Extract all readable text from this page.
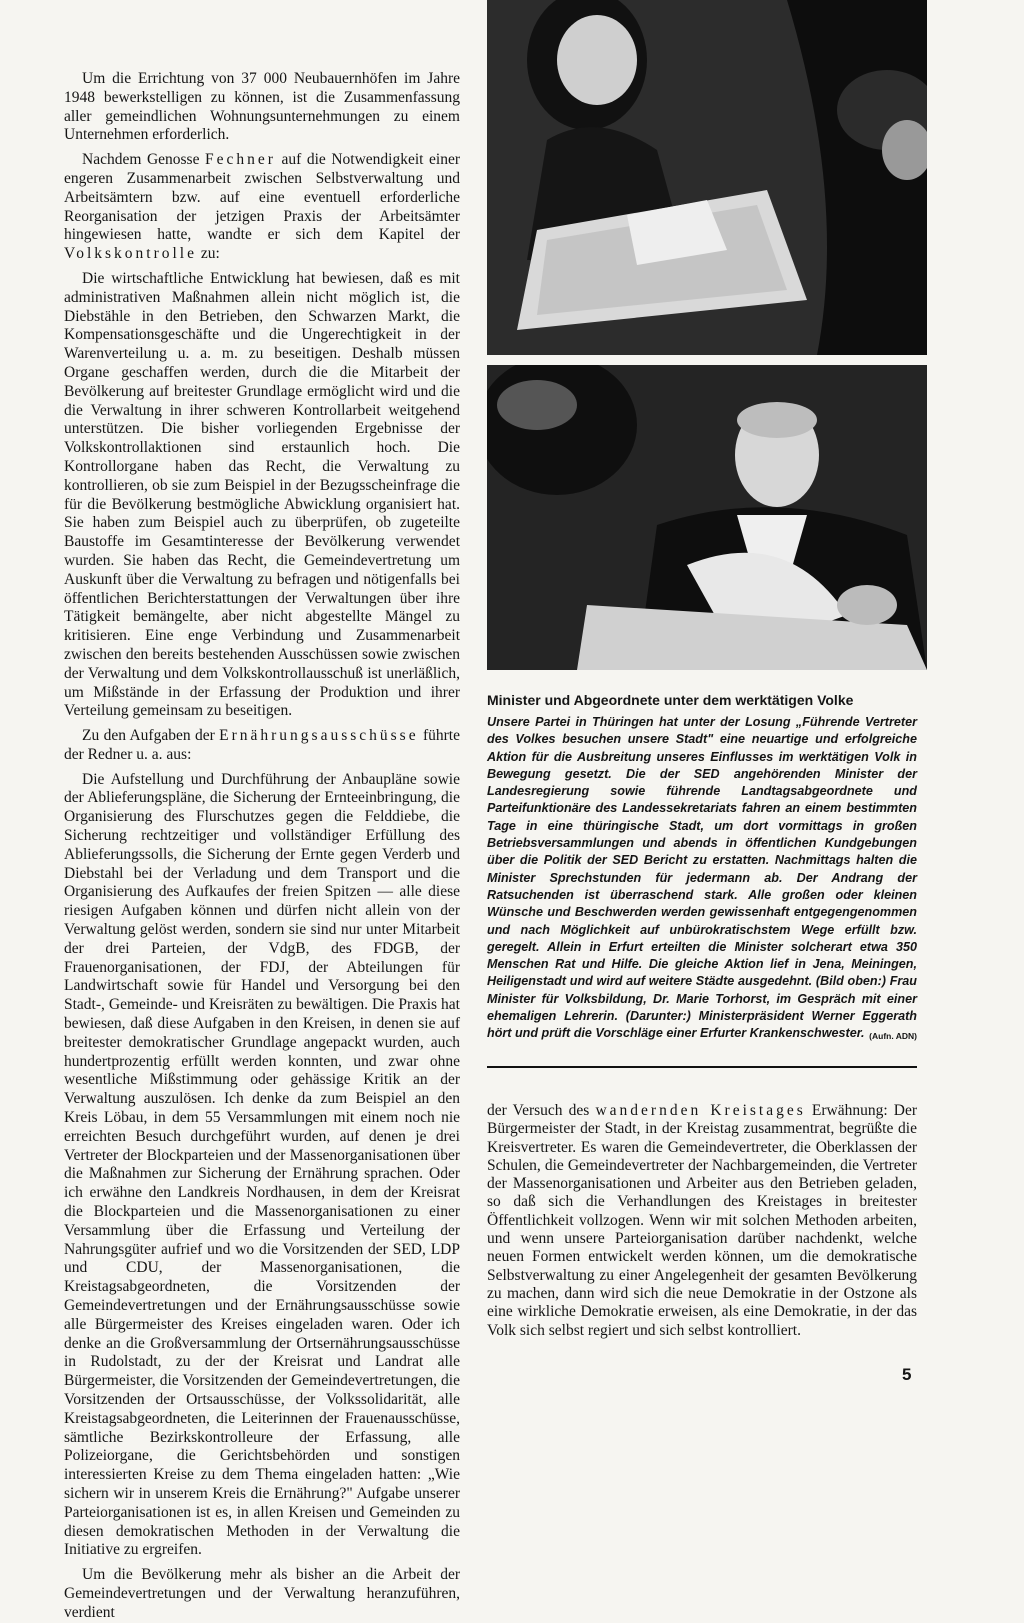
Um die Errichtung von 37 000 Neubauernhöfen im Jahre 1948 bewerkstelligen zu können, ist die Zusammenfassung aller gemeindlichen Wohnungsunternehmungen zu einem Unternehmen erforderlich.

Nachdem Genosse Fechner auf die Notwendigkeit einer engeren Zusammenarbeit zwischen Selbstverwaltung und Arbeitsämtern bzw. auf eine eventuell erforderliche Reorganisation der jetzigen Praxis der Arbeitsämter hingewiesen hatte, wandte er sich dem Kapitel der Volkskontrolle zu:

Die wirtschaftliche Entwicklung hat bewiesen, daß es mit administrativen Maßnahmen allein nicht möglich ist, die Diebstähle in den Betrieben, den Schwarzen Markt, die Kompensationsgeschäfte und die Ungerechtigkeit in der Warenverteilung u. a. m. zu beseitigen. Deshalb müssen Organe geschaffen werden, durch die die Mitarbeit der Bevölkerung auf breitester Grundlage ermöglicht wird und die die Verwaltung in ihrer schweren Kontrollarbeit weitgehend unterstützen. Die bisher vorliegenden Ergebnisse der Volkskontrollaktionen sind erstaunlich hoch. Die Kontrollorgane haben das Recht, die Verwaltung zu kontrollieren, ob sie zum Beispiel in der Bezugsscheinfrage die für die Bevölkerung bestmögliche Abwicklung organisiert hat. Sie haben zum Beispiel auch zu überprüfen, ob zugeteilte Baustoffe im Gesamtinteresse der Bevölkerung verwendet wurden. Sie haben das Recht, die Gemeindevertretung um Auskunft über die Verwaltung zu befragen und nötigenfalls bei öffentlichen Berichterstattungen der Verwaltungen über ihre Tätigkeit bemängelte, aber nicht abgestellte Mängel zu kritisieren. Eine enge Verbindung und Zusammenarbeit zwischen den bereits bestehenden Ausschüssen sowie zwischen der Verwaltung und dem Volkskontrollausschuß ist unerläßlich, um Mißstände in der Erfassung der Produktion und ihrer Verteilung gemeinsam zu beseitigen.

Zu den Aufgaben der Ernährungsausschüsse führte der Redner u. a. aus:

Die Aufstellung und Durchführung der Anbaupläne sowie der Ablieferungspläne, die Sicherung der Ernteeinbringung, die Organisierung des Flurschutzes gegen die Felddiebe, die Sicherung rechtzeitiger und vollständiger Erfüllung des Ablieferungssolls, die Sicherung der Ernte gegen Verderb und Diebstahl bei der Verladung und dem Transport und die Organisierung des Aufkaufes der freien Spitzen — alle diese riesigen Aufgaben können und dürfen nicht allein von der Verwaltung gelöst werden, sondern sie sind nur unter Mitarbeit der drei Parteien, der VdgB, des FDGB, der Frauenorganisationen, der FDJ, der Abteilungen für Landwirtschaft sowie für Handel und Versorgung bei den Stadt-, Gemeinde- und Kreisräten zu bewältigen. Die Praxis hat bewiesen, daß diese Aufgaben in den Kreisen, in denen sie auf breitester demokratischer Grundlage angepackt wurden, auch hundertprozentig erfüllt werden konnten, und zwar ohne wesentliche Mißstimmung oder gehässige Kritik an der Verwaltung auszulösen. Ich denke da zum Beispiel an den Kreis Löbau, in dem 55 Versammlungen mit einem noch nie erreichten Besuch durchgeführt wurden, auf denen je drei Vertreter der Blockparteien und der Massenorganisationen über die Maßnahmen zur Sicherung der Ernährung sprachen. Oder ich erwähne den Landkreis Nordhausen, in dem der Kreisrat die Blockparteien und die Massenorganisationen zu einer Versammlung über die Erfassung und Verteilung der Nahrungsgüter aufrief und wo die Vorsitzenden der SED, LDP und CDU, der Massenorganisationen, die Kreistagsabgeordneten, die Vorsitzenden der Gemeindevertretungen und der Ernährungsausschüsse sowie alle Bürgermeister des Kreises eingeladen waren. Oder ich denke an die Großversammlung der Ortsernährungsausschüsse in Rudolstadt, zu der der Kreisrat und Landrat alle Bürgermeister, die Vorsitzenden der Gemeindevertretungen, die Vorsitzenden der Ortsausschüsse, der Volkssolidarität, alle Kreistagsabgeordneten, die Leiterinnen der Frauenausschüsse, sämtliche Bezirkskontrolleure der Erfassung, alle Polizeiorgane, die Gerichtsbehörden und sonstigen interessierten Kreise zu dem Thema eingeladen hatten: „Wie sichern wir in unserem Kreis die Ernährung?" Aufgabe unserer Parteiorganisationen ist es, in allen Kreisen und Gemeinden zu diesen demokratischen Methoden in der Verwaltung die Initiative zu ergreifen.

Um die Bevölkerung mehr als bisher an die Arbeit der Gemeindevertretungen und der Verwaltung heranzuführen, verdient

Minister und Abgeordnete unter dem werktätigen Volke

Unsere Partei in Thüringen hat unter der Losung „Führende Vertreter des Volkes besuchen unsere Stadt" eine neuartige und erfolgreiche Aktion für die Ausbreitung unseres Einflusses im werktätigen Volk in Bewegung gesetzt. Die der SED angehörenden Minister der Landesregierung sowie führende Landtagsabgeordnete und Parteifunktionäre des Landessekretariats fahren an einem bestimmten Tage in eine thüringische Stadt, um dort vormittags in großen Betriebsversammlungen und abends in öffentlichen Kundgebungen über die Politik der SED Bericht zu erstatten. Nachmittags halten die Minister Sprechstunden für jedermann ab. Der Andrang der Ratsuchenden ist überraschend stark. Alle großen oder kleinen Wünsche und Beschwerden werden gewissenhaft entgegengenommen und nach Möglichkeit auf unbürokratischstem Wege erfüllt bzw. geregelt. Allein in Erfurt erteilten die Minister solcherart etwa 350 Menschen Rat und Hilfe. Die gleiche Aktion lief in Jena, Meiningen, Heiligenstadt und wird auf weitere Städte ausgedehnt. (Bild oben:) Frau Minister für Volksbildung, Dr. Marie Torhorst, im Gespräch mit einer ehemaligen Lehrerin. (Darunter:) Ministerpräsident Werner Eggerath hört und prüft die Vorschläge einer Erfurter Krankenschwester. (Aufn. ADN)

der Versuch des wandernden Kreistages Erwähnung: Der Bürgermeister der Stadt, in der Kreistag zusammentrat, begrüßte die Kreisvertreter. Es waren die Gemeindevertreter, die Oberklassen der Schulen, die Gemeindevertreter der Nachbargemeinden, die Vertreter der Massenorganisationen und Arbeiter aus den Betrieben geladen, so daß sich die Verhandlungen des Kreistages in breitester Öffentlichkeit vollzogen. Wenn wir mit solchen Methoden arbeiten, und wenn unsere Parteiorganisation darüber nachdenkt, welche neuen Formen entwickelt werden können, um die demokratische Selbstverwaltung zu einer Angelegenheit der gesamten Bevölkerung zu machen, dann wird sich die neue Demokratie in der Ostzone als eine wirkliche Demokratie erweisen, als eine Demokratie, in der das Volk sich selbst regiert und sich selbst kontrolliert.

5
